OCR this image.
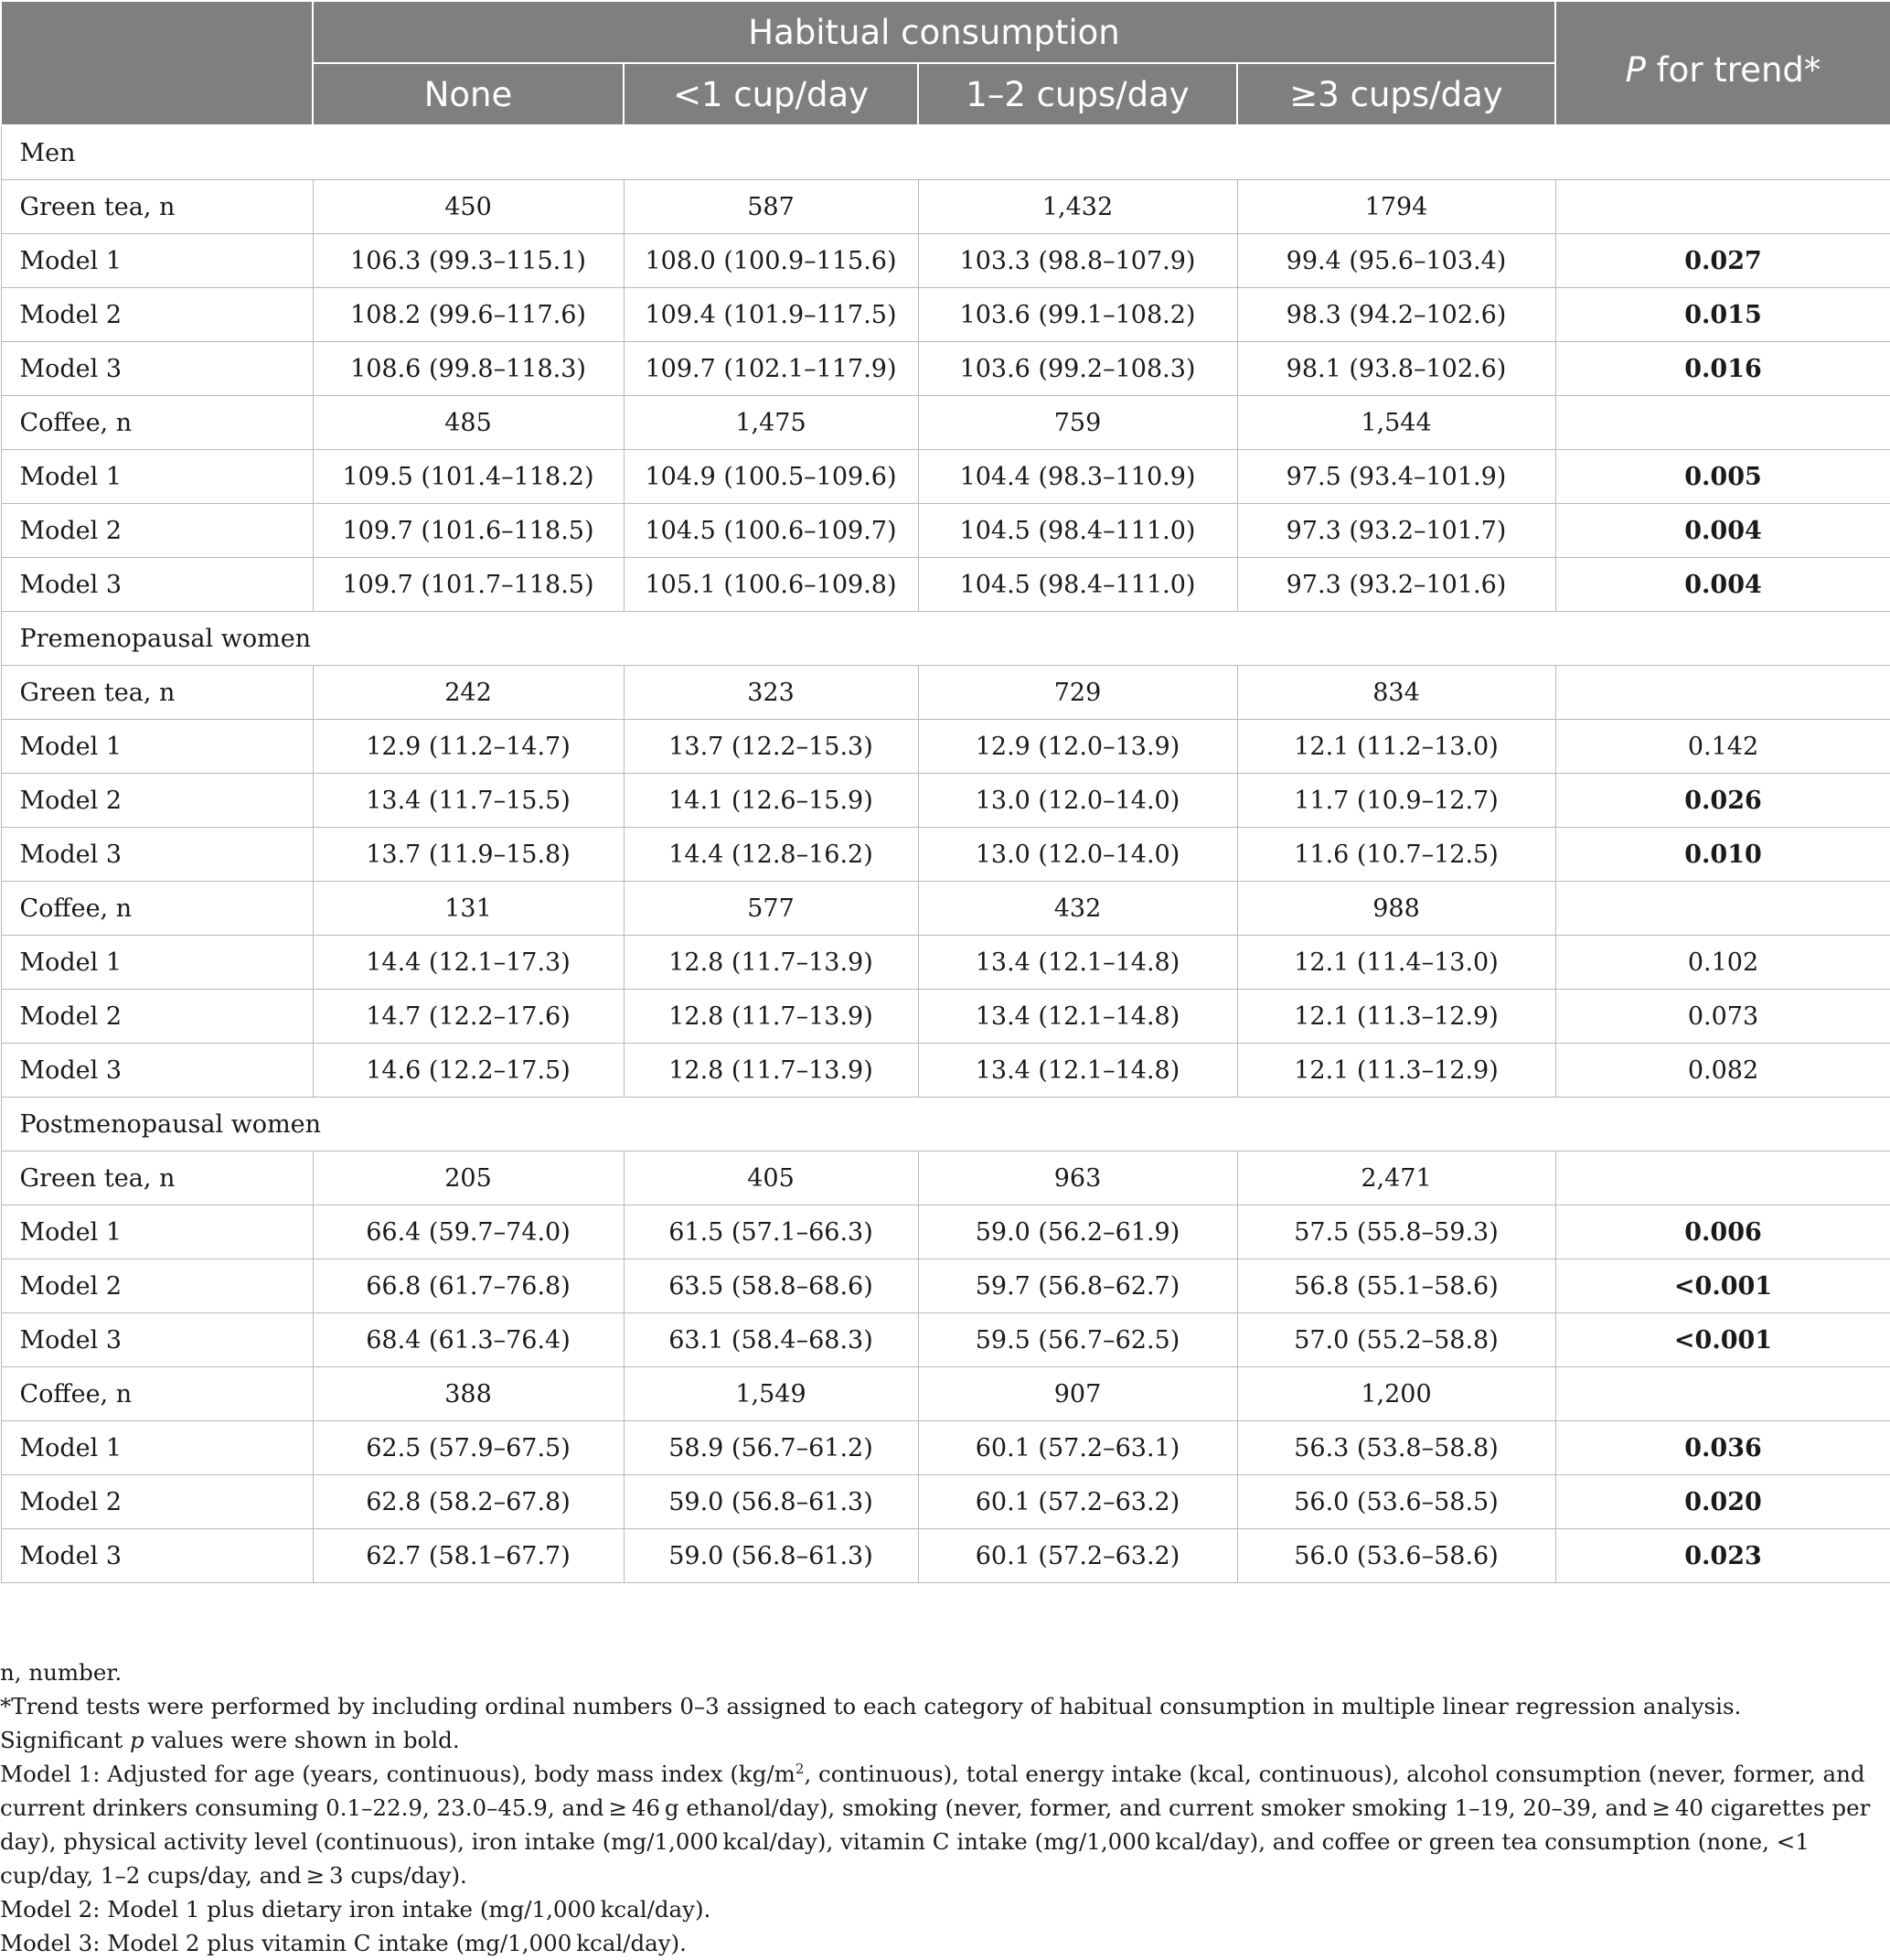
	Habitual consumption				P for trend*
	None	<1 cup/day	1–2 cups/day	≥3 cups/day	
Men					
Green tea, n	450	587	1,432	1794	
Model 1	106.3 (99.3–115.1)	108.0 (100.9–115.6)	103.3 (98.8–107.9)	99.4 (95.6–103.4)	0.027
Model 2	108.2 (99.6–117.6)	109.4 (101.9–117.5)	103.6 (99.1–108.2)	98.3 (94.2–102.6)	0.015
Model 3	108.6 (99.8–118.3)	109.7 (102.1–117.9)	103.6 (99.2–108.3)	98.1 (93.8–102.6)	0.016
Coffee, n	485	1,475	759	1,544	
Model 1	109.5 (101.4–118.2)	104.9 (100.5–109.6)	104.4 (98.3–110.9)	97.5 (93.4–101.9)	0.005
Model 2	109.7 (101.6–118.5)	104.5 (100.6–109.7)	104.5 (98.4–111.0)	97.3 (93.2–101.7)	0.004
Model 3	109.7 (101.7–118.5)	105.1 (100.6–109.8)	104.5 (98.4–111.0)	97.3 (93.2–101.6)	0.004
Premenopausal women					
Green tea, n	242	323	729	834	
Model 1	12.9 (11.2–14.7)	13.7 (12.2–15.3)	12.9 (12.0–13.9)	12.1 (11.2–13.0)	0.142
Model 2	13.4 (11.7–15.5)	14.1 (12.6–15.9)	13.0 (12.0–14.0)	11.7 (10.9–12.7)	0.026
Model 3	13.7 (11.9–15.8)	14.4 (12.8–16.2)	13.0 (12.0–14.0)	11.6 (10.7–12.5)	0.010
Coffee, n	131	577	432	988	
Model 1	14.4 (12.1–17.3)	12.8 (11.7–13.9)	13.4 (12.1–14.8)	12.1 (11.4–13.0)	0.102
Model 2	14.7 (12.2–17.6)	12.8 (11.7–13.9)	13.4 (12.1–14.8)	12.1 (11.3–12.9)	0.073
Model 3	14.6 (12.2–17.5)	12.8 (11.7–13.9)	13.4 (12.1–14.8)	12.1 (11.3–12.9)	0.082
Postmenopausal women					
Green tea, n	205	405	963	2,471	
Model 1	66.4 (59.7–74.0)	61.5 (57.1–66.3)	59.0 (56.2–61.9)	57.5 (55.8–59.3)	0.006
Model 2	66.8 (61.7–76.8)	63.5 (58.8–68.6)	59.7 (56.8–62.7)	56.8 (55.1–58.6)	<0.001
Model 3	68.4 (61.3–76.4)	63.1 (58.4–68.3)	59.5 (56.7–62.5)	57.0 (55.2–58.8)	<0.001
Coffee, n	388	1,549	907	1,200	
Model 1	62.5 (57.9–67.5)	58.9 (56.7–61.2)	60.1 (57.2–63.1)	56.3 (53.8–58.8)	0.036
Model 2	62.8 (58.2–67.8)	59.0 (56.8–61.3)	60.1 (57.2–63.2)	56.0 (53.6–58.5)	0.020
Model 3	62.7 (58.1–67.7)	59.0 (56.8–61.3)	60.1 (57.2–63.2)	56.0 (53.6–58.6)	0.023

n, number.

*Trend tests were performed by including ordinal numbers 0–3 assigned to each category of habitual consumption in multiple linear regression analysis.

Significant p values were shown in bold.

Model 1: Adjusted for age (years, continuous), body mass index ($kg/m^2$, continuous), total energy intake (kcal, continuous), alcohol consumption (never, former, and current drinkers consuming 0.1–22.9, 23.0–45.9, and ≥ 46 g ethanol/day), smoking (never, former, and current smoker smoking 1–19, 20–39, and ≥ 40 cigarettes per day), physical activity level (continuous), iron intake (mg/1,000 kcal/day), vitamin C intake (mg/1,000 kcal/day), and coffee or green tea consumption (none, <1 cup/day, 1–2 cups/day, and ≥ 3 cups/day).

Model 2: Model 1 plus dietary iron intake (mg/1,000 kcal/day).

Model 3: Model 2 plus vitamin C intake (mg/1,000 kcal/day).
